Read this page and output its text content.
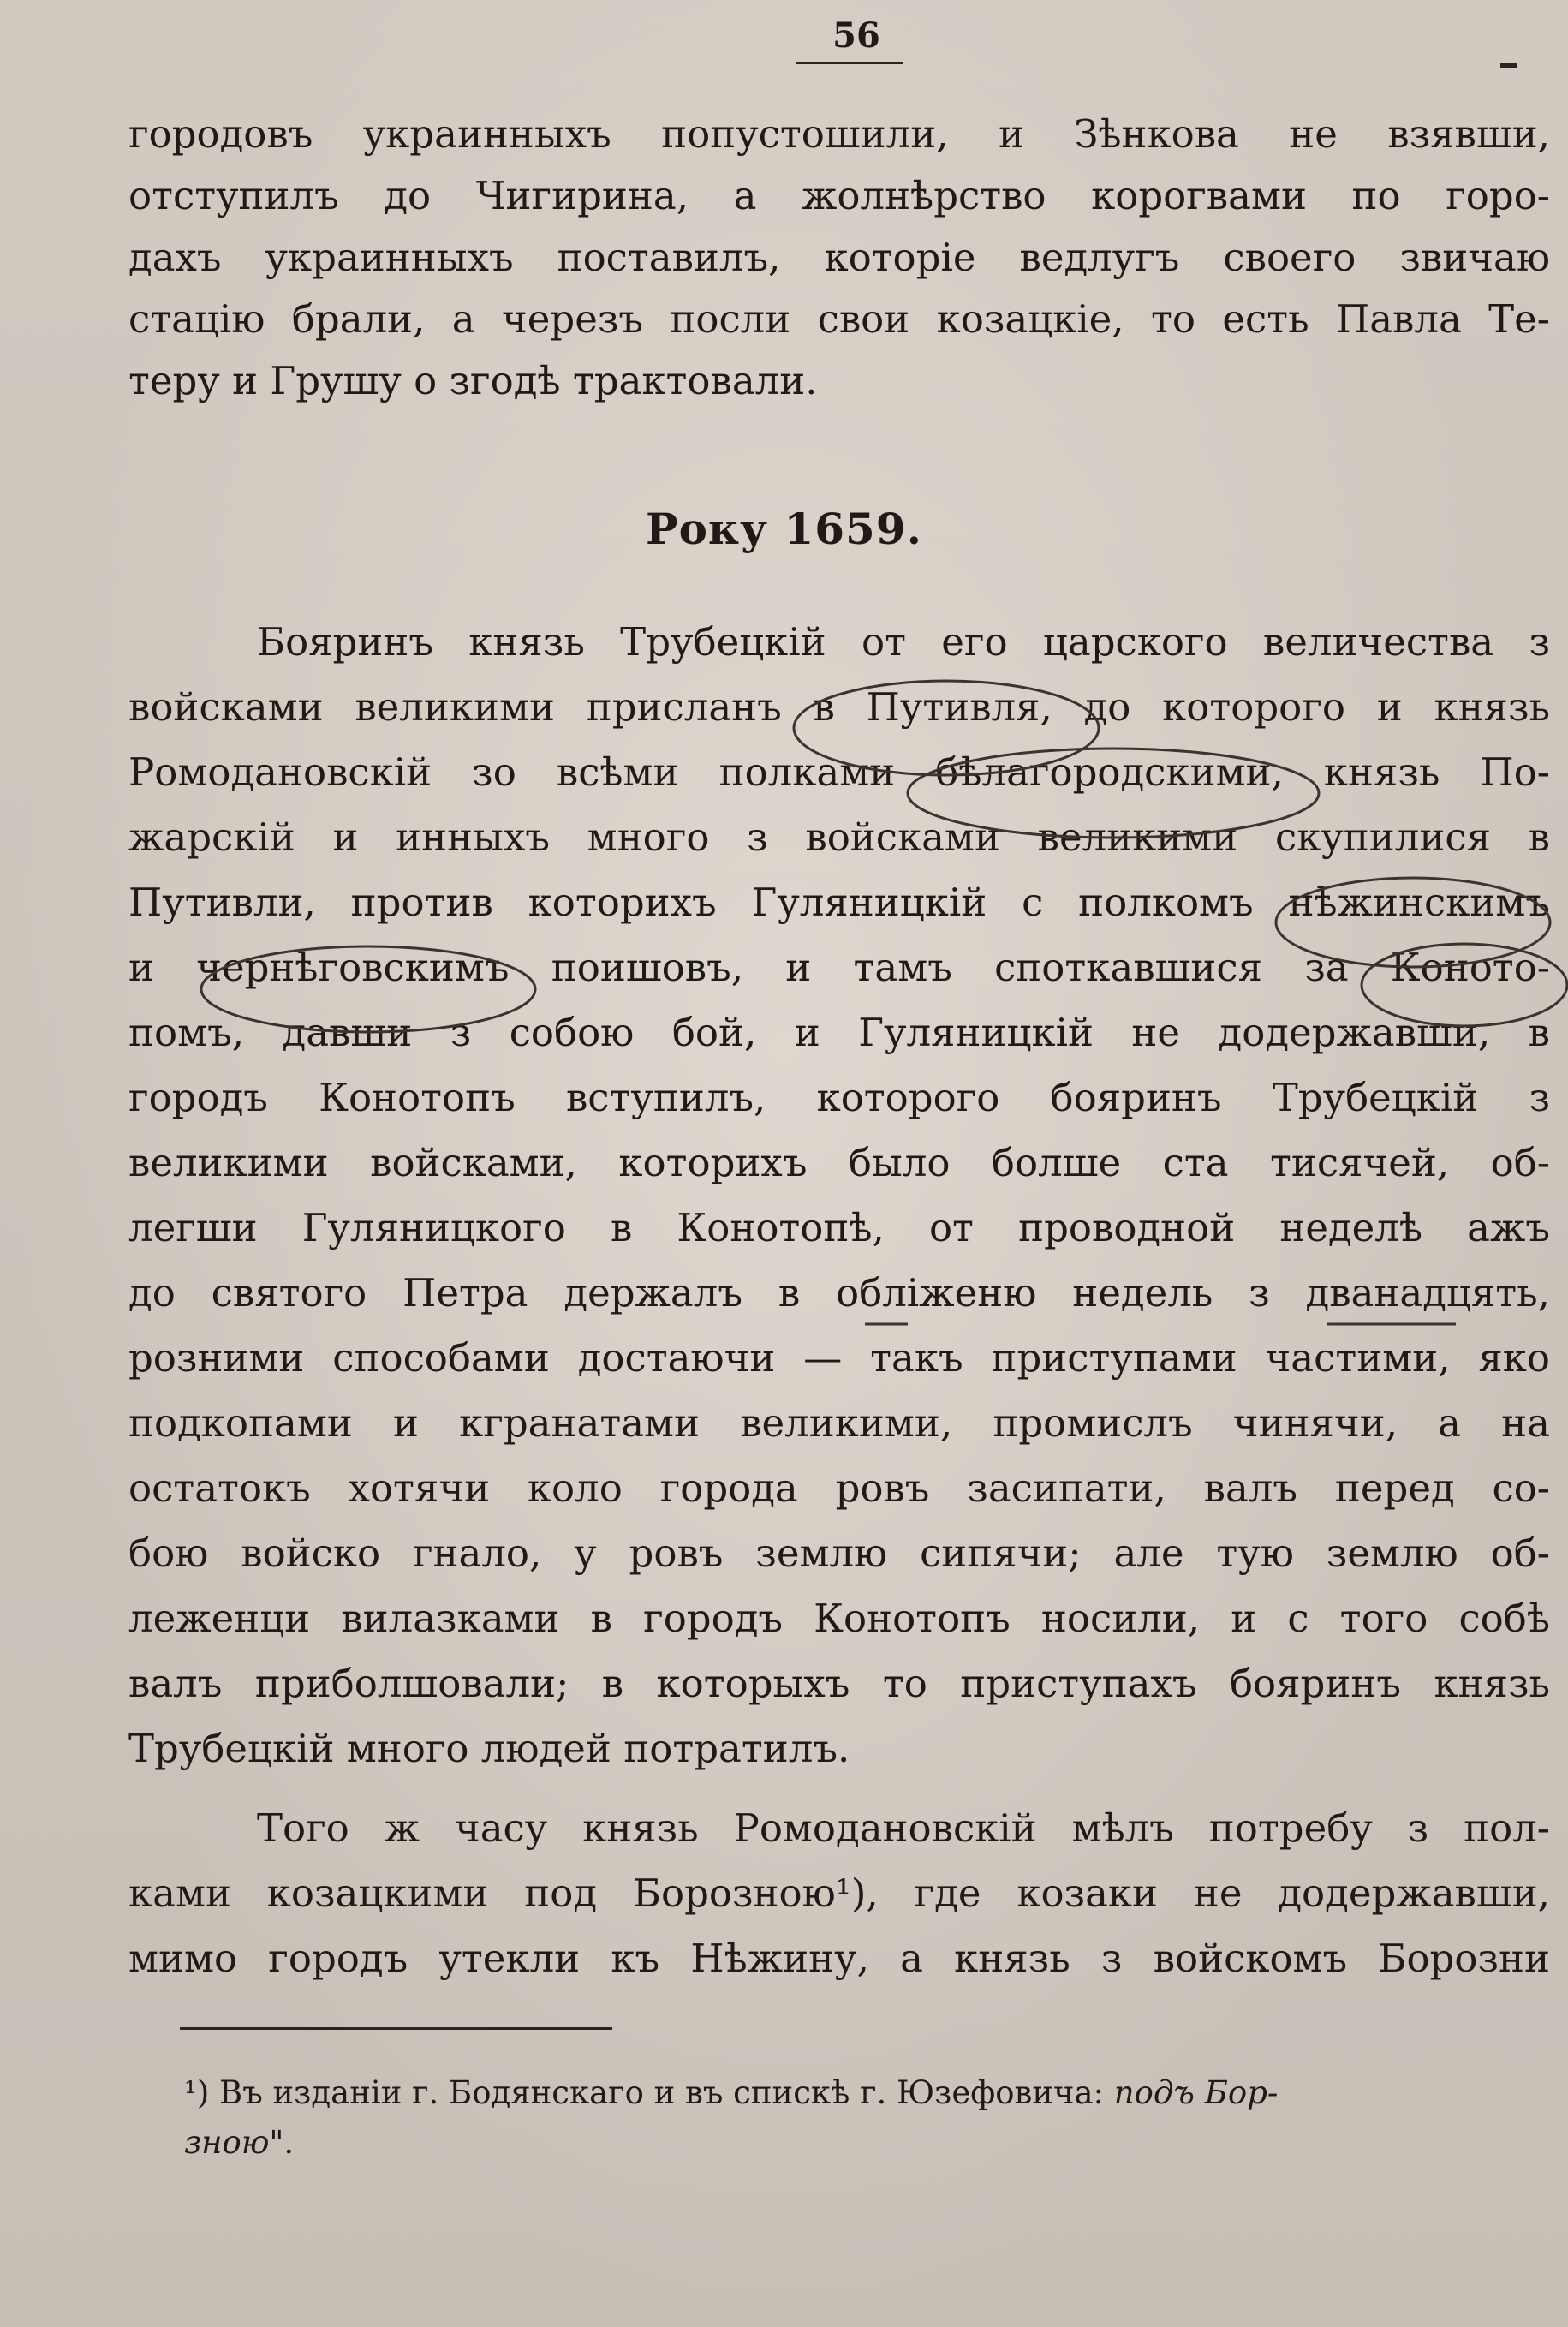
56
городовъ украинныхъ попустошили, и Зѣнкова не взявши,
отступилъ до Чигирина, а жолнѣрство корогвами по горо-
дахъ украинныхъ поставилъ, которіе ведлугъ своего звичаю
стацію брали, а черезъ посли свои козацкіе, то есть Павла Те-
теру и Грушу о згодѣ трактовали.
Року 1659.
Бояринъ князь Трубецкій от его царского величества з
войсками великими присланъ в Путивля, до которого и князь
Ромодановскій зо всѣми полками бѣлагородскими, князь По-
жарскій и инныхъ много з войсками великими скупилися в
Путивли, против которихъ Гуляницкій с полкомъ нѣжинскимъ
и чернѣговскимъ поишовъ, и тамъ споткавшися за Коното-
помъ, давши з собою бой, и Гуляницкій не додержавши, в
городъ Конотопъ вступилъ, которого бояринъ Трубецкій з
великими войсками, которихъ было болше ста тисячей, об-
легши Гуляницкого в Конотопѣ, от проводной неделѣ ажъ
до святого Петра держалъ в обліженю недель з дванадцять,
розними способами достаючи — такъ приступами частими, яко
подкопами и кгранатами великими, промислъ чинячи, а на
остатокъ хотячи коло города ровъ засипати, валъ перед со-
бою войско гнало, у ровъ землю сипячи; але тую землю об-
леженци вилазками в городъ Конотопъ носили, и с того собѣ
валъ приболшовали; в которыхъ то приступахъ бояринъ князь
Трубецкій много людей потратилъ.
Того ж часу князь Ромодановскій мѣлъ потребу з пол-
ками козацкими под Борозною¹), где козаки не додержавши,
мимо городъ утекли къ Нѣжину, а князь з войскомъ Борозни
¹) Въ изданіи г. Бодянскаго и въ спискѣ г. Юзефовича: подъ Бор-
зною".
